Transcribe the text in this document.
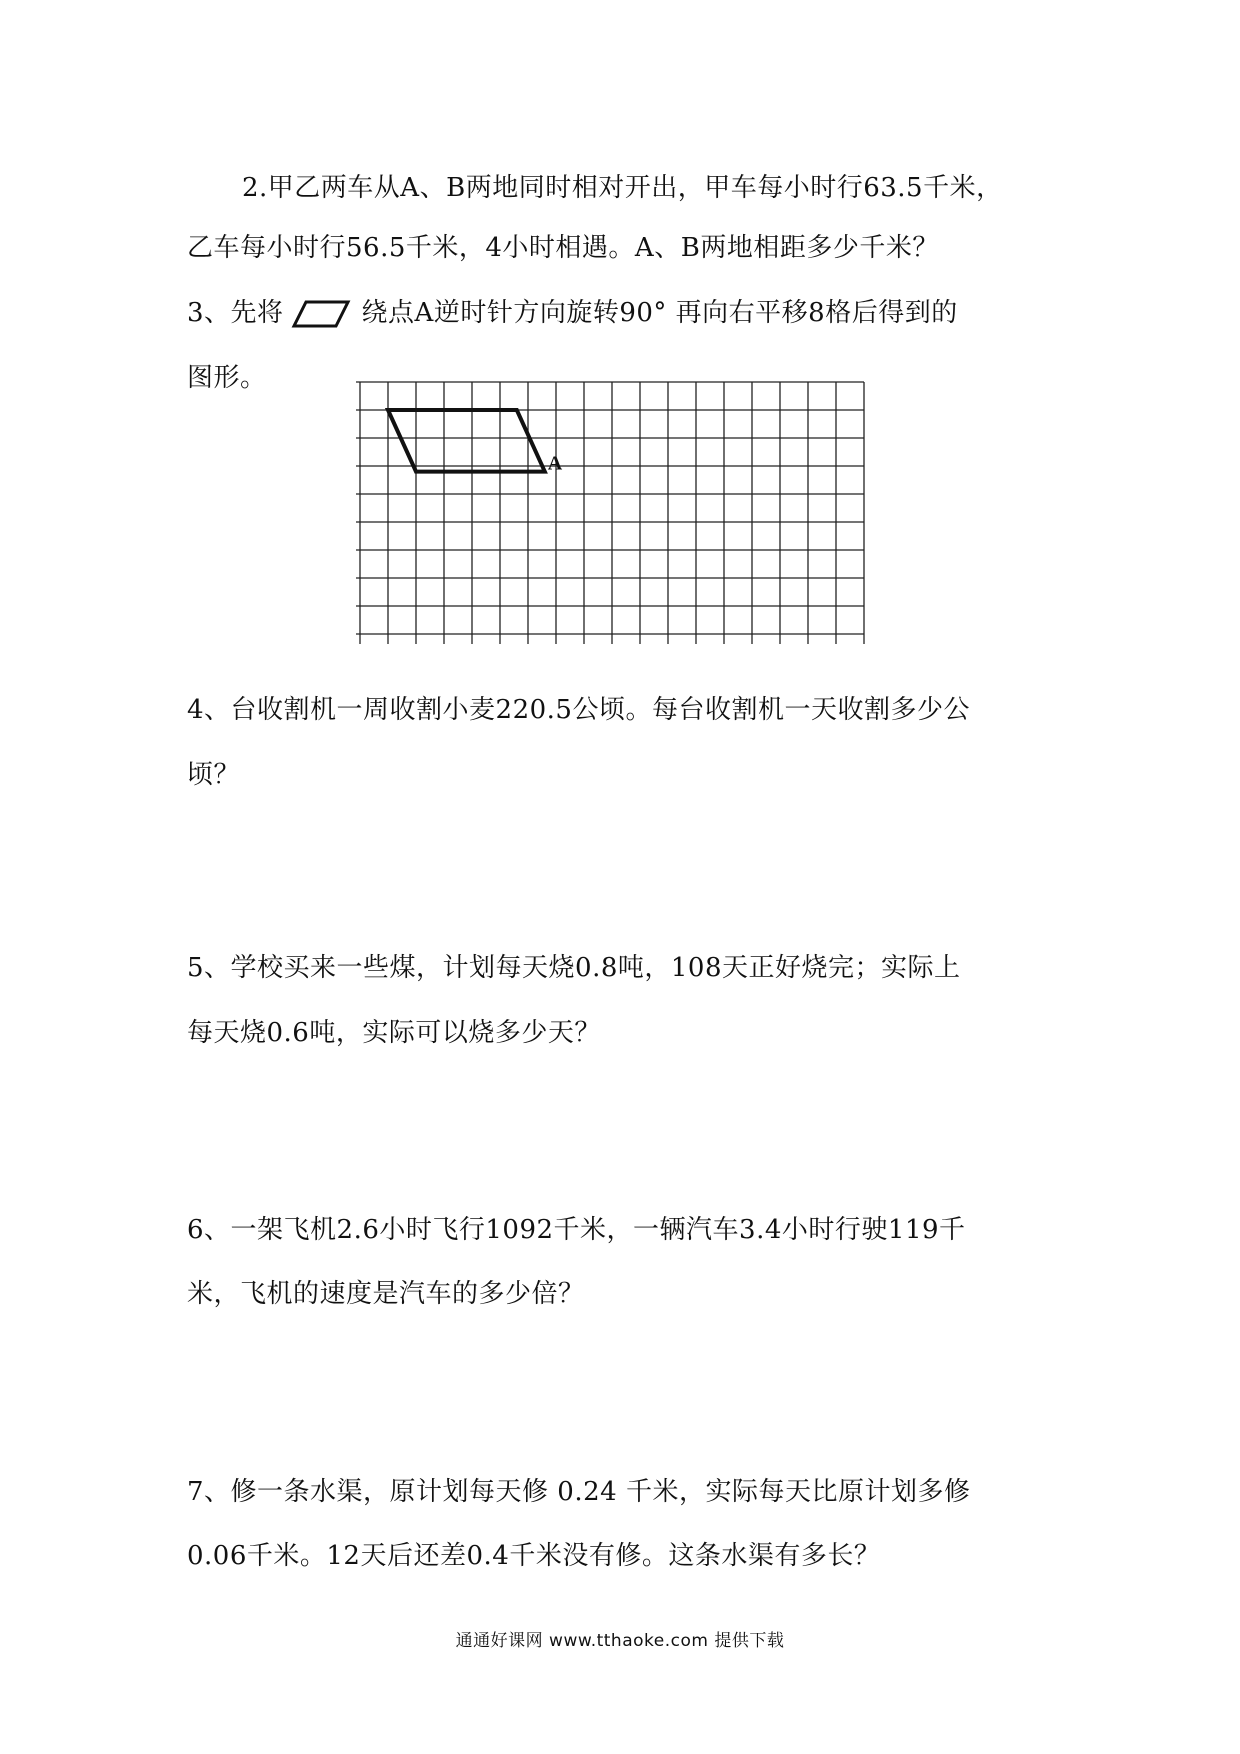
2.甲乙两车从A、B两地同时相对开出，甲车每小时行63.5千米，
乙车每小时行56.5千米，4小时相遇。A、B两地相距多少千米？
3、先将	绕点A逆时针方向旋转90° 再向右平移8格后得到的
图形。
A
4、台收割机一周收割小麦220.5公顷。每台收割机一天收割多少公
顷？
5、学校买来一些煤，计划每天烧0.8吨，108天正好烧完；实际上
每天烧0.6吨，实际可以烧多少天？
6、一架飞机2.6小时飞行1092千米，一辆汽车3.4小时行驶119千
米，飞机的速度是汽车的多少倍？
7、修一条水渠，原计划每天修 0.24 千米，实际每天比原计划多修
0.06千米。12天后还差0.4千米没有修。这条水渠有多长？
通通好课网 www.tthaoke.com 提供下载
